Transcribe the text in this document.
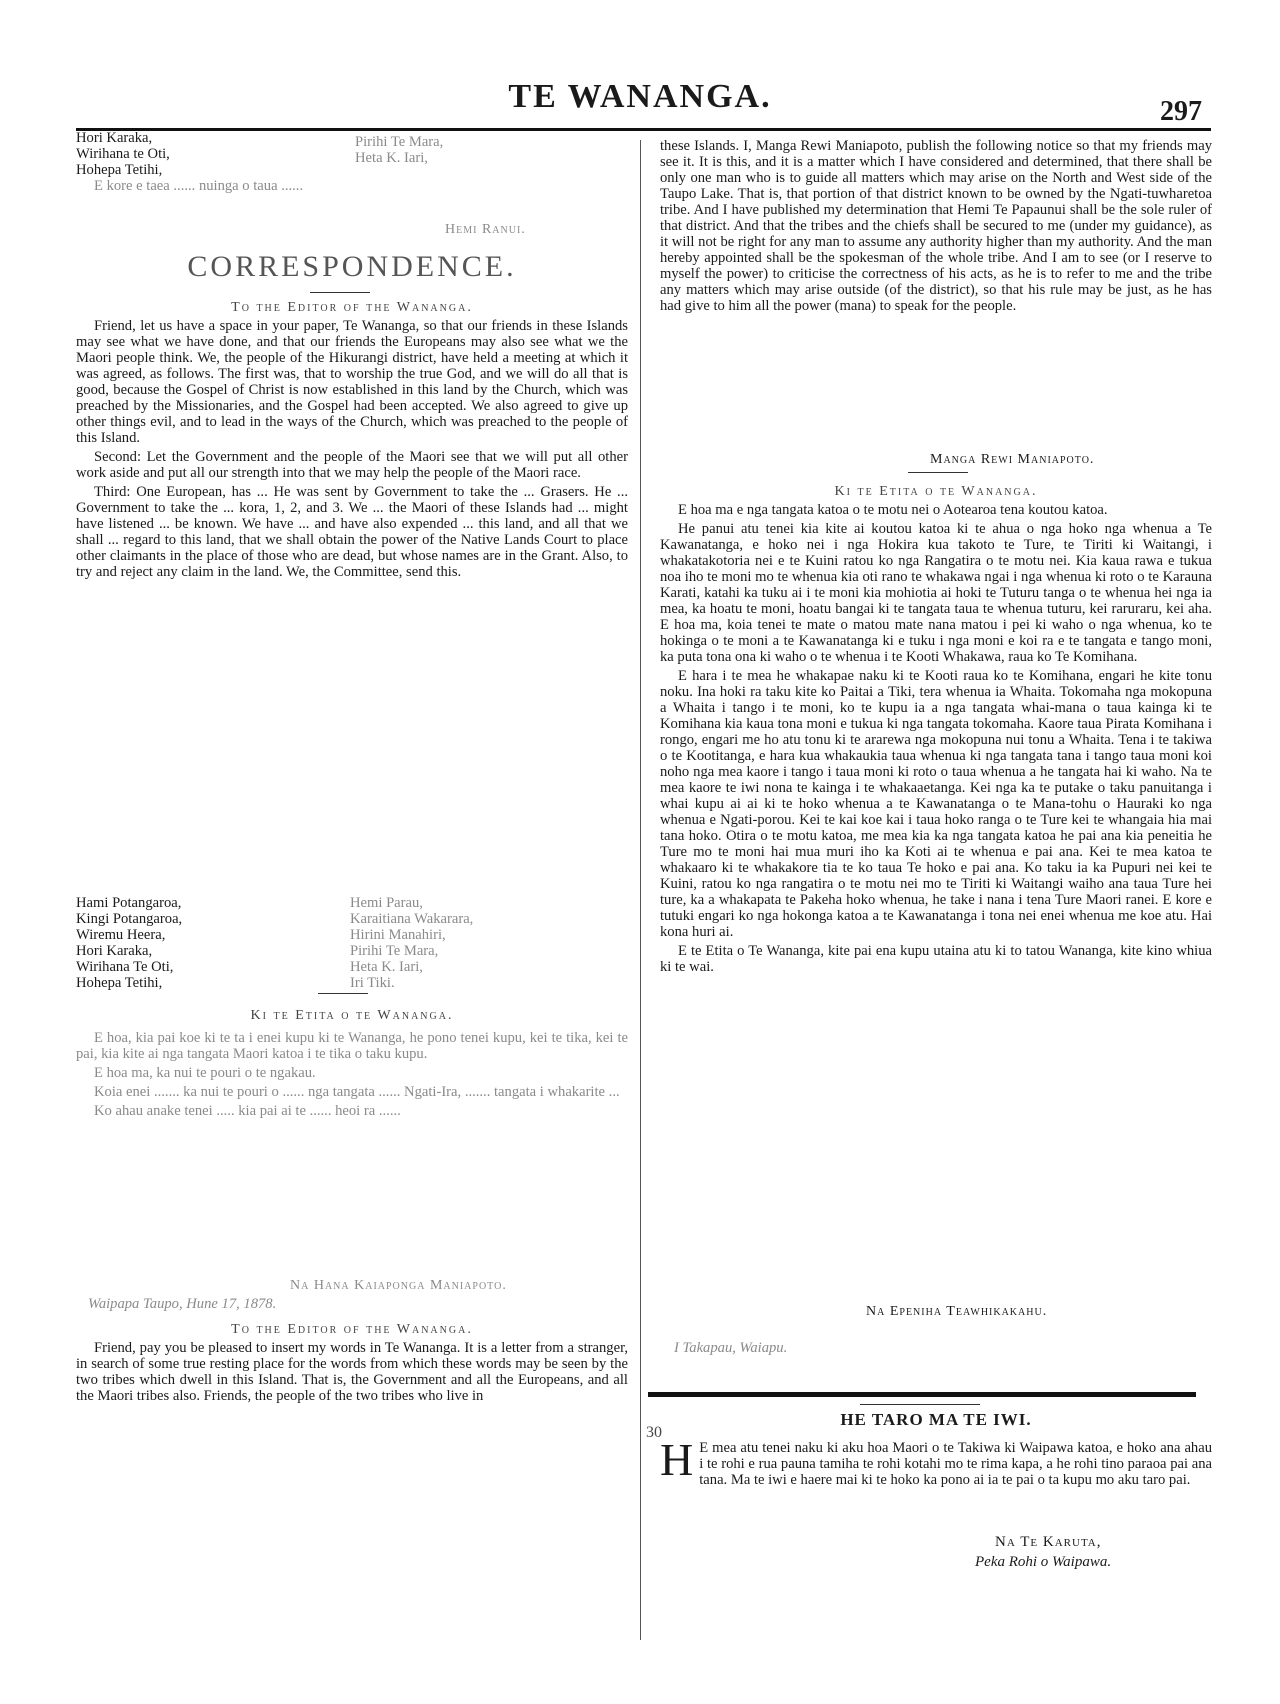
TE WANANGA.	297
Hori Karaka,
Wirihana te Oti,
Hohepa Tetihi,
Pirihi Te Mara,
Heta K. Iari,

E kore e taea ...... nuinga o taua ......

Hemi Ranui.
CORRESPONDENCE.
To the Editor of the Wananga.

Friend, let us have a space in your paper, Te Wananga, so that our friends in these Islands may see what we have done, and that our friends the Europeans may also see what we the Maori people think. We, the people of the Hikurangi district, have held a meeting at which it was agreed, as follows. The first was, that to worship the true God, and we will do all that is good, because the Gospel of Christ is now established in this land by the Church, which was preached by the Missionaries, and the Gospel had been accepted. We also agreed to give up other things evil, and to lead in the ways of the Church, which was preached to the people of this Island.

Second: Let the Government and the people of the Maori see that we will put all other work aside and put all our strength into that we may help the people of the Maori race.

Third: One European, has ... He was sent by Government to take the ... Grasers. He ... Government to take the ... kora, 1, 2, and 3. We ... the Maori of these Islands had ... might have listened ... be known. We have ... and have also expended ... this land, and all that we shall ... regard to this land, that we shall obtain the power of the Native Lands Court to place other claimants in the place of those who are dead, but whose names are in the Grant. Also, to try and reject any claim in the land. We, the Committee, send this.

Hami Potangaroa,
Kingi Potangaroa,
Wiremu Heera,
Hori Karaka,
Wirihana Te Oti,
Hohepa Tetihi,
Hemi Parau,
Karaitiana Wakarara,
Hirini Manahiri,
Pirihi Te Mara,
Heta K. Iari,
Iri Tiki.
Ki te Etita o te Wananga.

E hoa, kia pai koe ki te ta i enei kupu ki te Wananga, he pono tenei kupu, kei te tika, kei te pai, kia kite ai nga tangata Maori katoa i te tika o taku kupu.

E hoa ma, ka nui te pouri o te ngakau.

Koia enei ....... ka nui te pouri o ...... nga tangata ...... Ngati-Ira, ....... tangata i whakarite ...

Ko ahau anake tenei ..... kia pai ai te ...... heoi ra ......

Na Hana Kaiaponga Maniapoto.
Waipapa Taupo, Hune 17, 1878.
To the Editor of the Wananga.

Friend, pay you be pleased to insert my words in Te Wananga. It is a letter from a stranger, in search of some true resting place for the words from which these words may be seen by the two tribes which dwell in this Island. That is, the Government and all the Europeans, and all the Maori tribes also. Friends, the people of the two tribes who live in

30

these Islands. I, Manga Rewi Maniapoto, publish the following notice so that my friends may see it. It is this, and it is a matter which I have considered and determined, that there shall be only one man who is to guide all matters which may arise on the North and West side of the Taupo Lake. That is, that portion of that district known to be owned by the Ngati-tuwharetoa tribe. And I have published my determination that Hemi Te Papaunui shall be the sole ruler of that district. And that the tribes and the chiefs shall be secured to me (under my guidance), as it will not be right for any man to assume any authority higher than my authority. And the man hereby appointed shall be the spokesman of the whole tribe. And I am to see (or I reserve to myself the power) to criticise the correctness of his acts, as he is to refer to me and the tribe any matters which may arise outside (of the district), so that his rule may be just, as he has had give to him all the power (mana) to speak for the people.

Manga Rewi Maniapoto.
Ki te Etita o te Wananga.

E hoa ma e nga tangata katoa o te motu nei o Aotearoa tena koutou katoa.

He panui atu tenei kia kite ai koutou katoa ki te ahua o nga hoko nga whenua a Te Kawanatanga, e hoko nei i nga Hokira kua takoto te Ture, te Tiriti ki Waitangi, i whakatakotoria nei e te Kuini ratou ko nga Rangatira o te motu nei. Kia kaua rawa e tukua noa iho te moni mo te whenua kia oti rano te whakawa ngai i nga whenua ki roto o te Karauna Karati, katahi ka tuku ai i te moni kia mohiotia ai hoki te Tuturu tanga o te whenua hei nga ia mea, ka hoatu te moni, hoatu bangai ki te tangata taua te whenua tuturu, kei raruraru, kei aha. E hoa ma, koia tenei te mate o matou mate nana matou i pei ki waho o nga whenua, ko te hokinga o te moni a te Kawanatanga ki e tuku i nga moni e koi ra e te tangata e tango moni, ka puta tona ona ki waho o te whenua i te Kooti Whakawa, raua ko Te Komihana.

E hara i te mea he whakapae naku ki te Kooti raua ko te Komihana, engari he kite tonu noku. Ina hoki ra taku kite ko Paitai a Tiki, tera whenua ia Whaita. Tokomaha nga mokopuna a Whaita i tango i te moni, ko te kupu ia a nga tangata whai-mana o taua kainga ki te Komihana kia kaua tona moni e tukua ki nga tangata tokomaha. Kaore taua Pirata Komihana i rongo, engari me ho atu tonu ki te ararewa nga mokopuna nui tonu a Whaita. Tena i te takiwa o te Kootitanga, e hara kua whakaukia taua whenua ki nga tangata tana i tango taua moni koi noho nga mea kaore i tango i taua moni ki roto o taua whenua a he tangata hai ki waho. Na te mea kaore te iwi nona te kainga i te whakaaetanga. Kei nga ka te putake o taku panuitanga i whai kupu ai ai ki te hoko whenua a te Kawanatanga o te Mana-tohu o Hauraki ko nga whenua e Ngati-porou. Kei te kai koe kai i taua hoko ranga o te Ture kei te whangaia hia mai tana hoko. Otira o te motu katoa, me mea kia ka nga tangata katoa he pai ana kia peneitia he Ture mo te moni hai mua muri iho ka Koti ai te whenua e pai ana. Kei te mea katoa te whakaaro ki te whakakore tia te ko taua Te hoko e pai ana. Ko taku ia ka Pupuri nei kei te Kuini, ratou ko nga rangatira o te motu nei mo te Tiriti ki Waitangi waiho ana taua Ture hei ture, ka a whakapata te Pakeha hoko whenua, he take i nana i tena Ture Maori ranei. E kore e tutuki engari ko nga hokonga katoa a te Kawanatanga i tona nei enei whenua me koe atu. Hai kona huri ai.

E te Etita o Te Wananga, kite pai ena kupu utaina atu ki to tatou Wananga, kite kino whiua ki te wai.

Na Epeniha Teawhikakahu.
I Takapau, Waiapu.
HE TARO MA TE IWI.
H E mea atu tenei naku ki aku hoa Maori o te Takiwa ki Waipawa katoa, e hoko ana ahau i te rohi e rua pauna tamiha te rohi kotahi mo te rima kapa, a he rohi tino paraoa pai ana tana. Ma te iwi e haere mai ki te hoko ka pono ai ia te pai o ta kupu mo aku taro pai.
Na Te Karuta,
Peka Rohi o Waipawa.
